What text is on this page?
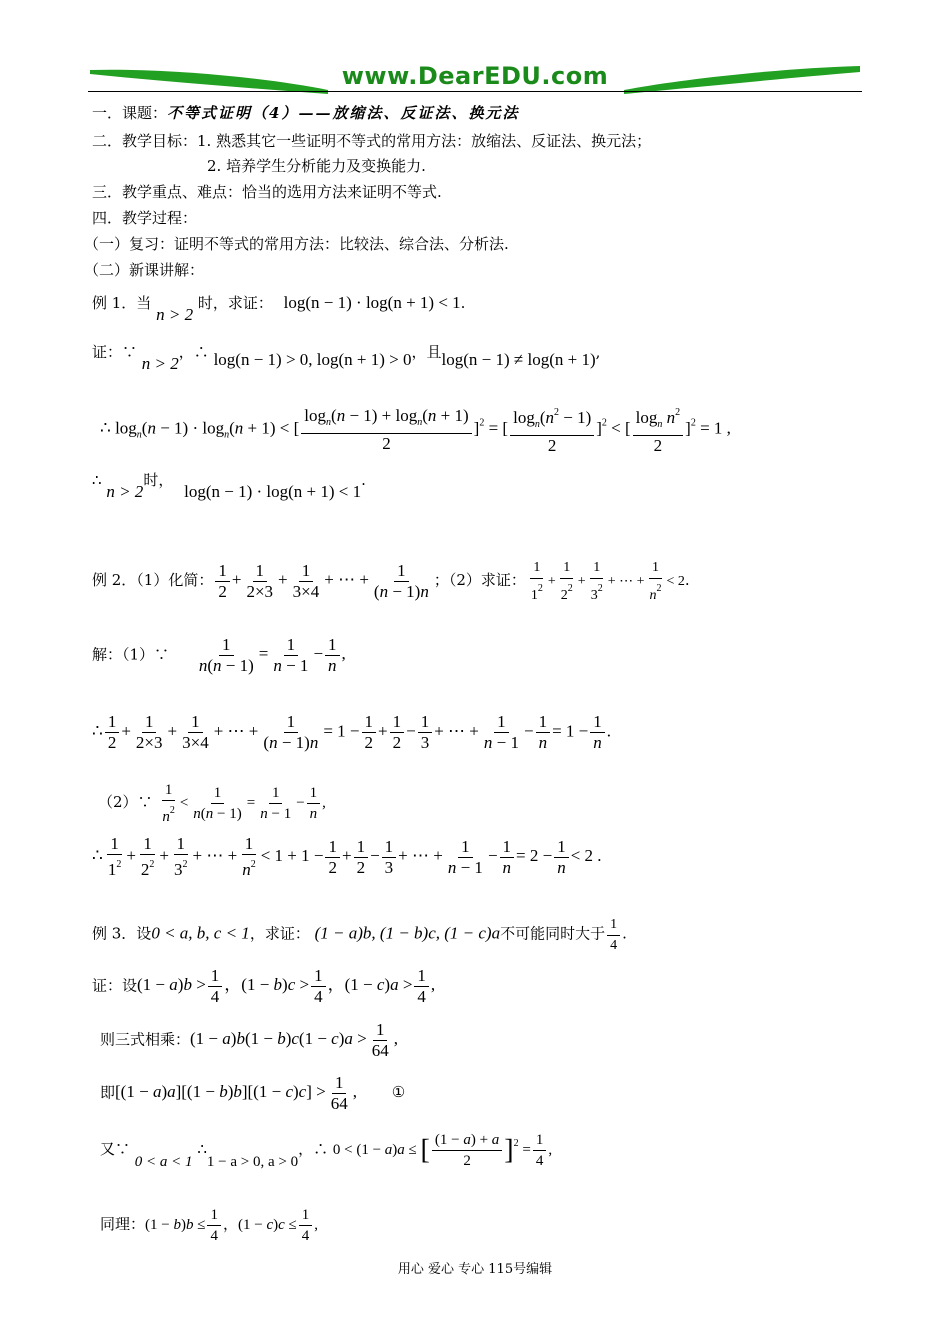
www.DearEDU.com
一．课题：不等式证明（4）——放缩法、反证法、换元法
二．教学目标：1. 熟悉其它一些证明不等式的常用方法：放缩法、反证法、换元法；
2. 培养学生分析能力及变换能力.
三．教学重点、难点：恰当的选用方法来证明不等式.
四．教学过程：
（一）复习：证明不等式的常用方法：比较法、综合法、分析法.
（二）新课讲解：
例 1．当 n > 2 时，求证： log(n − 1) · log(n + 1) < 1.
证：∵ n > 2，∴ log(n − 1) > 0, log(n + 1) > 0，且log(n − 1) ≠ log(n + 1),
∴ $\log_n(n - 1) \cdot \log_n(n + 1)$ < [ $\frac{\log_n(n - 1) + \log_n(n + 1)}{2} ]^2$ = [ $\frac{\log_n(n^2 - 1)}{2} ]^2$ < [ $\frac{\log_n n^2}{2} ]^2 = 1$ ,
∴ n > 2时， log(n − 1) · log(n + 1) < 1.
例 2．（1）化简： $\frac{1}{2} + \frac{1}{2\times 3} + \frac{1}{3\times 4}$ + ⋯ + $\frac{1}{(n - 1)n}$ ；（2）求证： $\frac{1}{1^2} + \frac{1}{2^2} + \frac{1}{3^2}$ + ⋯ + $\frac{1}{n^2} < 2$.
解：（1）∵ $\frac{1}{n(n - 1)} = \frac{1}{n - 1} - \frac{1}{n}$ ,
∴ $\frac{1}{2} + \frac{1}{2\times 3} + \frac{1}{3\times 4}$ + ⋯ + $\frac{1}{(n - 1)n} = 1 - \frac{1}{2} + \frac{1}{2} - \frac{1}{3}$ + ⋯ + $\frac{1}{n - 1} - \frac{1}{n} = 1 - \frac{1}{n}$ .
（2）∵ $\frac{1}{n^2} < \frac{1}{n(n - 1)} = \frac{1}{n - 1} - \frac{1}{n}$ ,
∴ $\frac{1}{1^2} + \frac{1}{2^2} + \frac{1}{3^2}$ + ⋯ + $\frac{1}{n^2} < 1 + 1 - \frac{1}{2} + \frac{1}{2} - \frac{1}{3}$ + ⋯ + $\frac{1}{n - 1} - \frac{1}{n} = 2 - \frac{1}{n} < 2$ .
例 3．设0 < a, b, c < 1，求证： (1 − a)b, (1 − b)c, (1 − c)a不可能同时大于 $\frac{1}{4}$ .
证：设$(1 - a)b > \frac{1}{4}$ ，$(1 - b)c > \frac{1}{4}$ ，$(1 - c)a > \frac{1}{4}$ ,
则三式相乘：$(1 - a)b(1 - b)c(1 - c)a > \frac{1}{64}$ ,
即$[(1 - a)a][(1 - b)b][(1 - c)c] > \frac{1}{64}$ , ①
又∵ 0 < a < 1 ∴1 − a > 0, a > 0，∴ 0 < (1 − a)a ≤ [ $\frac{(1 - a) + a}{2} ]^2 = \frac{1}{4}$ ,
同理：$(1 - b)b \le \frac{1}{4}$ ，$(1 - c)c \le \frac{1}{4}$ ,
用心 爱心 专心 115号编辑
